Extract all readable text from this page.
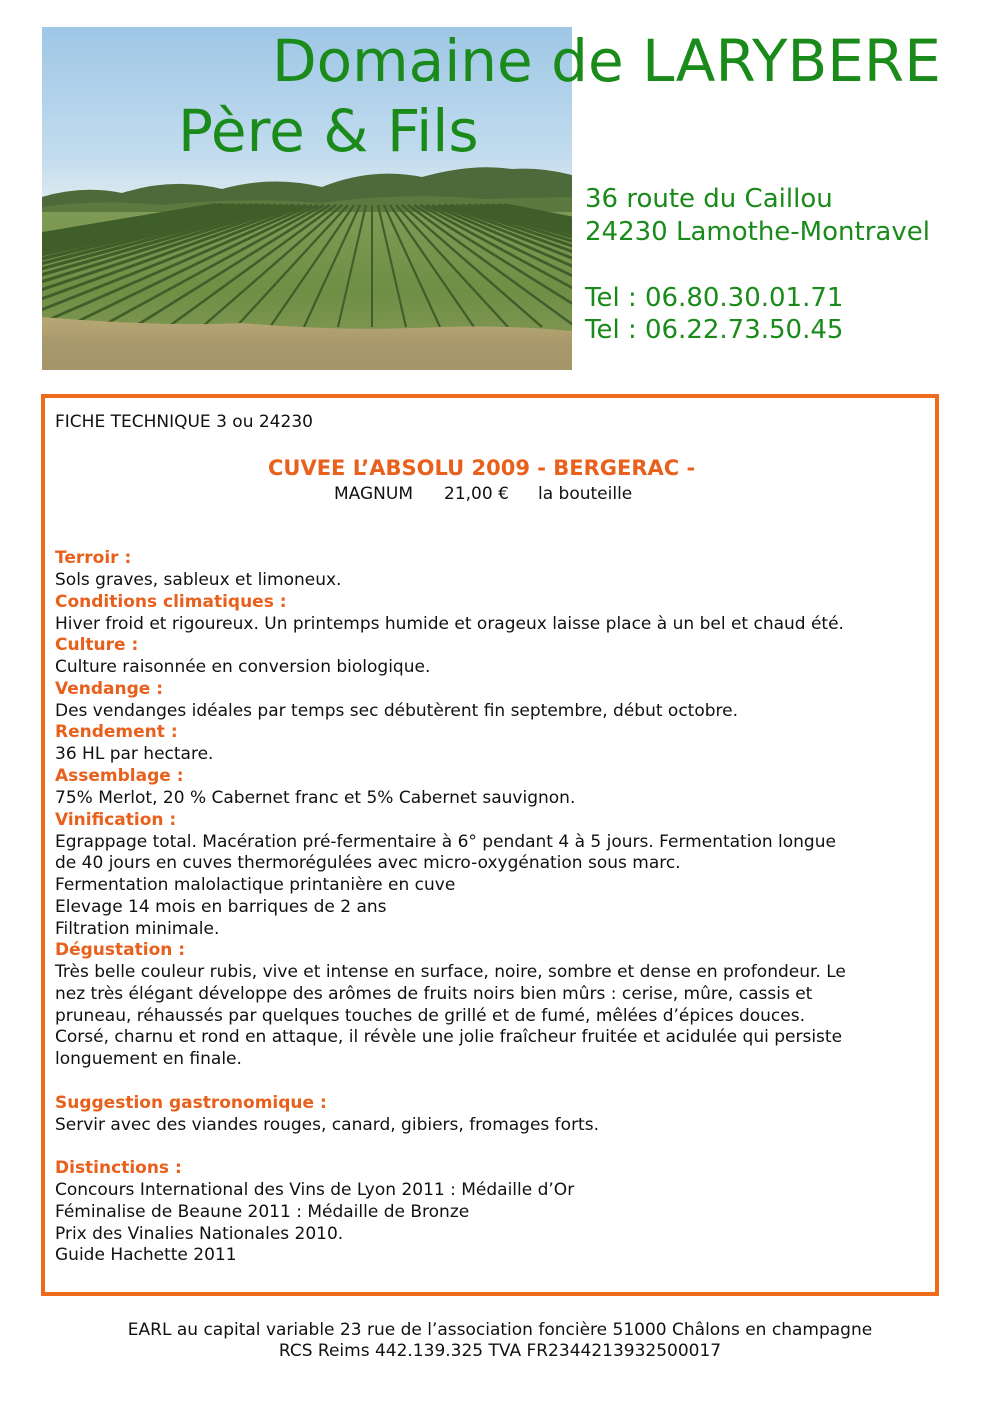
Domaine de LARYBERE
Père & Fils
36 route du Caillou
24230 Lamothe-Montravel
Tel : 06.80.30.01.71
Tel : 06.22.73.50.45
FICHE TECHNIQUE 3 ou 24230
CUVEE L’ABSOLU 2009 - BERGERAC -
MAGNUM 21,00 € la bouteille
Terroir :
Sols graves, sableux et limoneux.
Conditions climatiques :
Hiver froid et rigoureux. Un printemps humide et orageux laisse place à un bel et chaud été.
Culture :
Culture raisonnée en conversion biologique.
Vendange :
Des vendanges idéales par temps sec débutèrent fin septembre, début octobre.
Rendement :
36 HL par hectare.
Assemblage :
75% Merlot, 20 % Cabernet franc et 5% Cabernet sauvignon.
Vinification :
Egrappage total. Macération pré-fermentaire à 6° pendant 4 à 5 jours. Fermentation longue
de 40 jours en cuves thermorégulées avec micro-oxygénation sous marc.
Fermentation malolactique printanière en cuve
Elevage 14 mois en barriques de 2 ans
Filtration minimale.
Dégustation :
Très belle couleur rubis, vive et intense en surface, noire, sombre et dense en profondeur. Le
nez très élégant développe des arômes de fruits noirs bien mûrs : cerise, mûre, cassis et
pruneau, réhaussés par quelques touches de grillé et de fumé, mêlées d’épices douces.
Corsé, charnu et rond en attaque, il révèle une jolie fraîcheur fruitée et acidulée qui persiste
longuement en finale.
Suggestion gastronomique :
Servir avec des viandes rouges, canard, gibiers, fromages forts.
Distinctions :
Concours International des Vins de Lyon 2011 : Médaille d’Or
Féminalise de Beaune 2011 : Médaille de Bronze
Prix des Vinalies Nationales 2010.
Guide Hachette 2011
EARL au capital variable 23 rue de l’association foncière 51000 Châlons en champagne
RCS Reims 442.139.325 TVA FR2344213932500017
